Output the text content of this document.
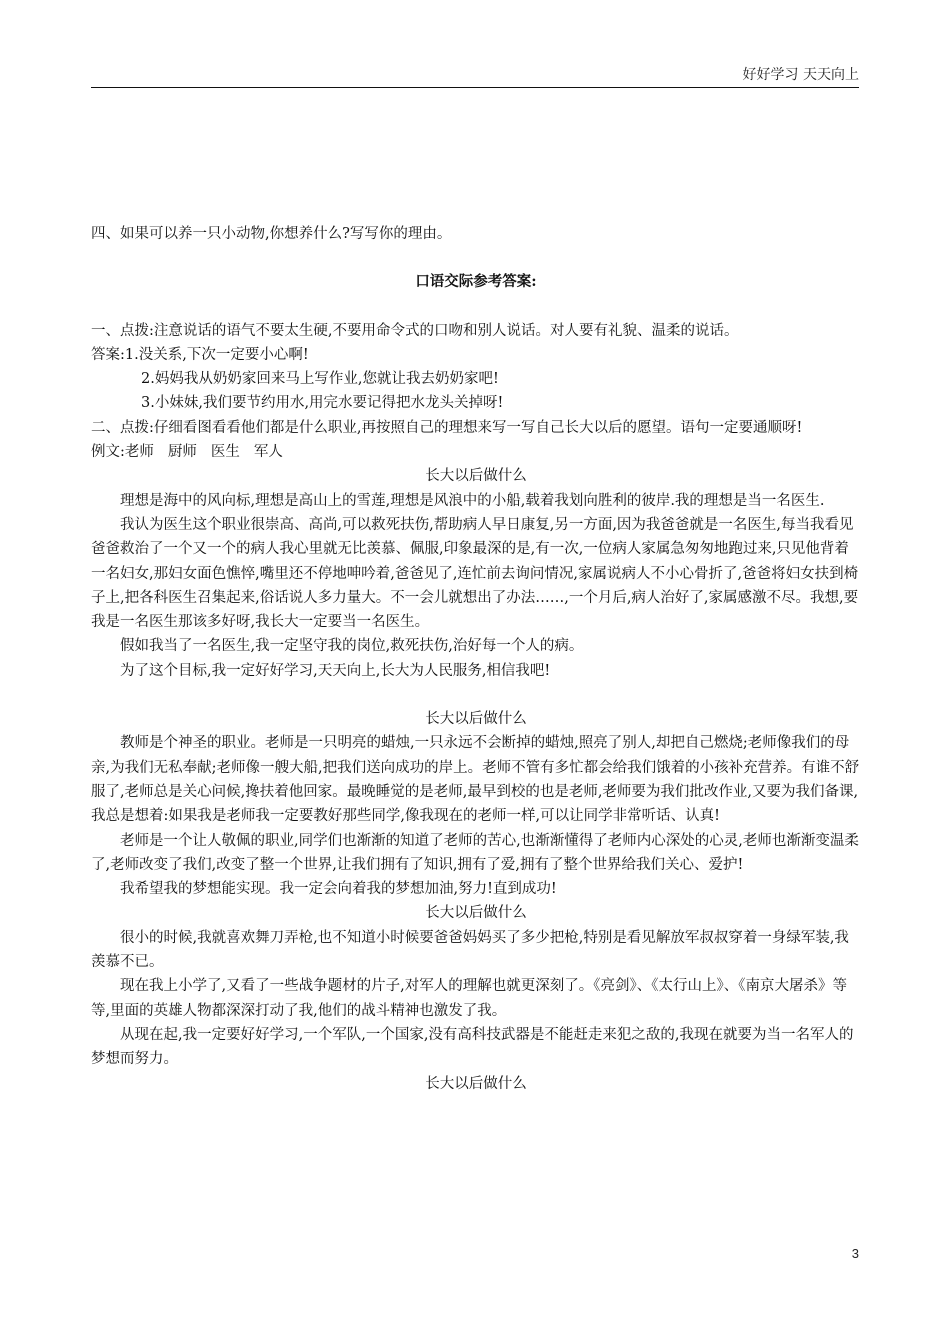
好好学习 天天向上

四、如果可以养一只小动物,你想养什么?写写你的理由。

口语交际参考答案:

一、点拨:注意说话的语气不要太生硬,不要用命令式的口吻和别人说话。对人要有礼貌、温柔的说话。

答案:1.没关系,下次一定要小心啊!

2.妈妈我从奶奶家回来马上写作业,您就让我去奶奶家吧!

3.小妹妹,我们要节约用水,用完水要记得把水龙头关掉呀!

二、点拨:仔细看图看看他们都是什么职业,再按照自己的理想来写一写自己长大以后的愿望。语句一定要通顺呀!

例文:老师 厨师 医生 军人

长大以后做什么

理想是海中的风向标,理想是高山上的雪莲,理想是风浪中的小船,载着我划向胜利的彼岸.我的理想是当一名医生.

我认为医生这个职业很崇高、高尚,可以救死扶伤,帮助病人早日康复,另一方面,因为我爸爸就是一名医生,每当我看见爸爸救治了一个又一个的病人我心里就无比羡慕、佩服,印象最深的是,有一次,一位病人家属急匆匆地跑过来,只见他背着一名妇女,那妇女面色憔悴,嘴里还不停地呻吟着,爸爸见了,连忙前去询问情况,家属说病人不小心骨折了,爸爸将妇女扶到椅子上,把各科医生召集起来,俗话说人多力量大。不一会儿就想出了办法……,一个月后,病人治好了,家属感激不尽。我想,要我是一名医生那该多好呀,我长大一定要当一名医生。

假如我当了一名医生,我一定坚守我的岗位,救死扶伤,治好每一个人的病。

为了这个目标,我一定好好学习,天天向上,长大为人民服务,相信我吧!

长大以后做什么

教师是个神圣的职业。老师是一只明亮的蜡烛,一只永远不会断掉的蜡烛,照亮了别人,却把自己燃烧;老师像我们的母亲,为我们无私奉献;老师像一艘大船,把我们送向成功的岸上。老师不管有多忙都会给我们饿着的小孩补充营养。有谁不舒服了,老师总是关心问候,搀扶着他回家。最晚睡觉的是老师,最早到校的也是老师,老师要为我们批改作业,又要为我们备课,我总是想着:如果我是老师我一定要教好那些同学,像我现在的老师一样,可以让同学非常听话、认真!

老师是一个让人敬佩的职业,同学们也渐渐的知道了老师的苦心,也渐渐懂得了老师内心深处的心灵,老师也渐渐变温柔了,老师改变了我们,改变了整一个世界,让我们拥有了知识,拥有了爱,拥有了整个世界给我们关心、爱护!

我希望我的梦想能实现。我一定会向着我的梦想加油,努力!直到成功!

长大以后做什么

很小的时候,我就喜欢舞刀弄枪,也不知道小时候要爸爸妈妈买了多少把枪,特别是看见解放军叔叔穿着一身绿军装,我羡慕不已。

现在我上小学了,又看了一些战争题材的片子,对军人的理解也就更深刻了。《亮剑》、《太行山上》、《南京大屠杀》等等,里面的英雄人物都深深打动了我,他们的战斗精神也激发了我。

从现在起,我一定要好好学习,一个军队,一个国家,没有高科技武器是不能赶走来犯之敌的,我现在就要为当一名军人的梦想而努力。

长大以后做什么

3
